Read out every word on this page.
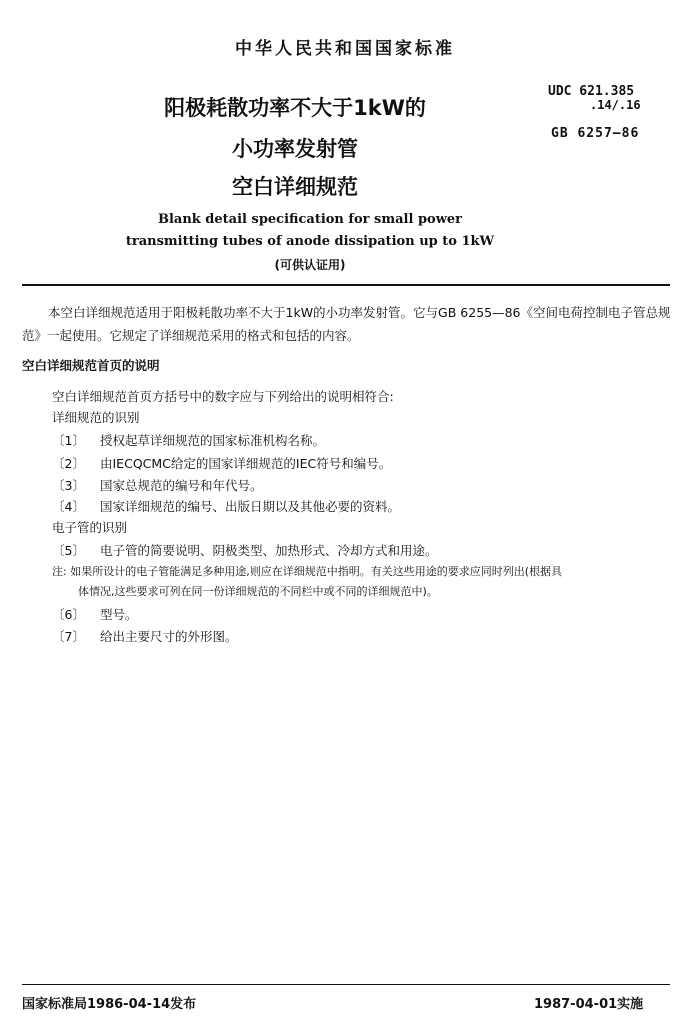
中华人民共和国国家标准
UDC 621.385
.14/.16
GB 6257—86
阳极耗散功率不大于1kW的
小功率发射管
空白详细规范
Blank detail specification for small power
transmitting tubes of anode dissipation up to 1kW
(可供认证用)
本空白详细规范适用于阳极耗散功率不大于1kW的小功率发射管。它与GB 6255—86《空间电荷控制电子管总规范》一起使用。它规定了详细规范采用的格式和包括的内容。
空白详细规范首页的说明
空白详细规范首页方括号中的数字应与下列给出的说明相符合:
详细规范的识别
〔1〕 授权起草详细规范的国家标准机构名称。
〔2〕 由IECQCMC给定的国家详细规范的IEC符号和编号。
〔3〕 国家总规范的编号和年代号。
〔4〕 国家详细规范的编号、出版日期以及其他必要的资料。
电子管的识别
〔5〕 电子管的简要说明、阴极类型、加热形式、冷却方式和用途。
注: 如果所设计的电子管能满足多种用途,则应在详细规范中指明。有关这些用途的要求应同时列出(根据具
体情况,这些要求可列在同一份详细规范的不同栏中或不同的详细规范中)。
〔6〕 型号。
〔7〕 给出主要尺寸的外形图。
国家标准局1986-04-14发布	1987-04-01实施
